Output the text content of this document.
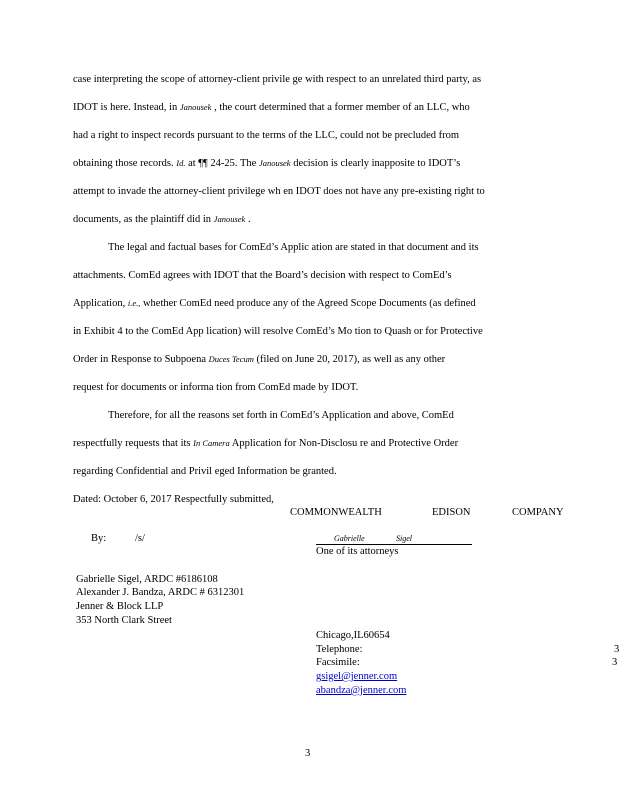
case interpreting the scope of attorney-client privile ge with respect to an unrelated third party, as
IDOT is here. Instead, in Janousek , the court determined that a former member of an LLC, who
had a right to inspect records pursuant to the terms of the LLC, could not be precluded from
obtaining those records. Id. at ¶¶ 24-25. The Janousek decision is clearly inapposite to IDOT’s
attempt to invade the attorney-client privilege wh en IDOT does not have any pre-existing right to
documents, as the plaintiff did in Janousek .
The legal and factual bases for ComEd’s Applic ation are stated in that document and its
attachments. ComEd agrees with IDOT that the Board’s decision with respect to ComEd’s
Application, i.e., whether ComEd need produce any of the Agreed Scope Documents (as defined
in Exhibit 4 to the ComEd App lication) will resolve ComEd’s Mo tion to Quash or for Protective
Order in Response to Subpoena Duces Tecum (filed on June 20, 2017), as well as any other
request for documents or informa tion from ComEd made by IDOT.
Therefore, for all the reasons set forth in ComEd’s Application and above, ComEd
respectfully requests that its In Camera Application for Non-Disclosu re and Protective Order
regarding Confidential and Privil eged Information be granted.
Dated: October 6, 2017 Respectfully submitted,
COMMONWEALTH	EDISON	COMPANY
By:	/s/	Gabrielle	Sigel
One of its attorneys
Gabrielle Sigel, ARDC #6186108
Alexander J. Bandza, ARDC # 6312301
Jenner & Block LLP
353 North Clark Street
Chicago,IL60654
Telephone:
Facsimile:
3
3
gsigel@jenner.com
abandza@jenner.com
3
